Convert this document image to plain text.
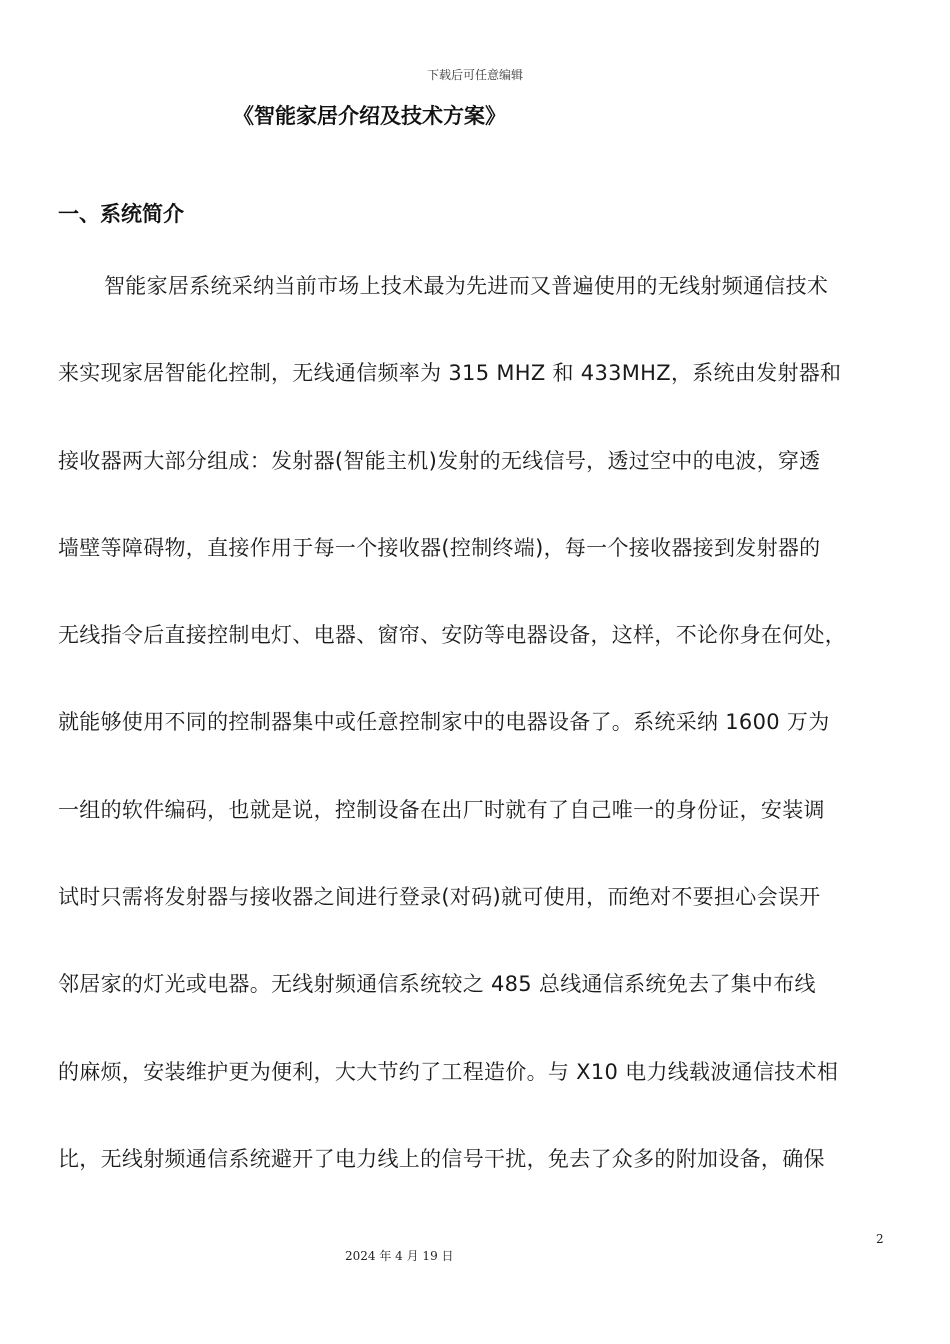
下载后可任意编辑
《智能家居介绍及技术方案》
一、系统简介
智能家居系统采纳当前市场上技术最为先进而又普遍使用的无线射频通信技术
来实现家居智能化控制，无线通信频率为 315 MHZ 和 433MHZ，系统由发射器和
接收器两大部分组成：发射器(智能主机)发射的无线信号，透过空中的电波，穿透
墙壁等障碍物，直接作用于每一个接收器(控制终端)，每一个接收器接到发射器的
无线指令后直接控制电灯、电器、窗帘、安防等电器设备，这样，不论你身在何处，
就能够使用不同的控制器集中或任意控制家中的电器设备了。系统采纳 1600 万为
一组的软件编码，也就是说，控制设备在出厂时就有了自己唯一的身份证，安装调
试时只需将发射器与接收器之间进行登录(对码)就可使用，而绝对不要担心会误开
邻居家的灯光或电器。无线射频通信系统较之 485 总线通信系统免去了集中布线
的麻烦，安装维护更为便利，大大节约了工程造价。与 X10 电力线载波通信技术相
比，无线射频通信系统避开了电力线上的信号干扰，免去了众多的附加设备，确保
2
2024 年 4 月 19 日
